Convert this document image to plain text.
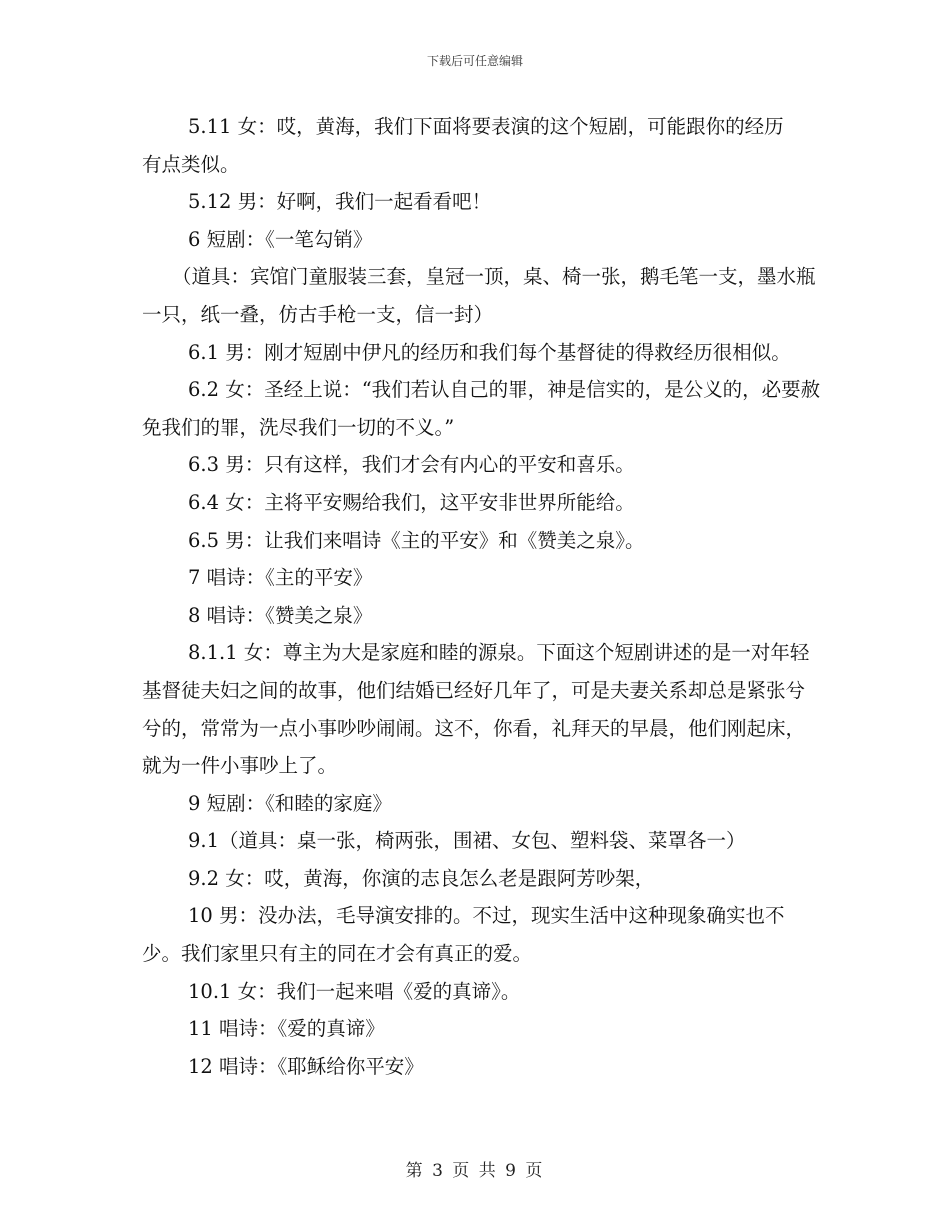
下载后可任意编辑

5.11 女：哎，黄海，我们下面将要表演的这个短剧，可能跟你的经历有点类似。

5.12 男：好啊，我们一起看看吧！

6 短剧：《一笔勾销》

（道具：宾馆门童服装三套，皇冠一顶，桌、椅一张，鹅毛笔一支，墨水瓶一只，纸一叠，仿古手枪一支，信一封）

6.1 男：刚才短剧中伊凡的经历和我们每个基督徒的得救经历很相似。

6.2 女：圣经上说：“我们若认自己的罪，神是信实的，是公义的，必要赦免我们的罪，洗尽我们一切的不义。”

6.3 男：只有这样，我们才会有内心的平安和喜乐。

6.4 女：主将平安赐给我们，这平安非世界所能给。

6.5 男：让我们来唱诗《主的平安》和《赞美之泉》。

7 唱诗：《主的平安》

8 唱诗：《赞美之泉》

8.1.1 女：尊主为大是家庭和睦的源泉。下面这个短剧讲述的是一对年轻基督徒夫妇之间的故事，他们结婚已经好几年了，可是夫妻关系却总是紧张兮兮的，常常为一点小事吵吵闹闹。这不，你看，礼拜天的早晨，他们刚起床，就为一件小事吵上了。

9 短剧：《和睦的家庭》

9.1（道具：桌一张，椅两张，围裙、女包、塑料袋、菜罩各一）

9.2 女：哎，黄海，你演的志良怎么老是跟阿芳吵架，

10 男：没办法，毛导演安排的。不过，现实生活中这种现象确实也不少。我们家里只有主的同在才会有真正的爱。

10.1 女：我们一起来唱《爱的真谛》。

11 唱诗：《爱的真谛》

12 唱诗：《耶稣给你平安》

第 3 页 共 9 页
